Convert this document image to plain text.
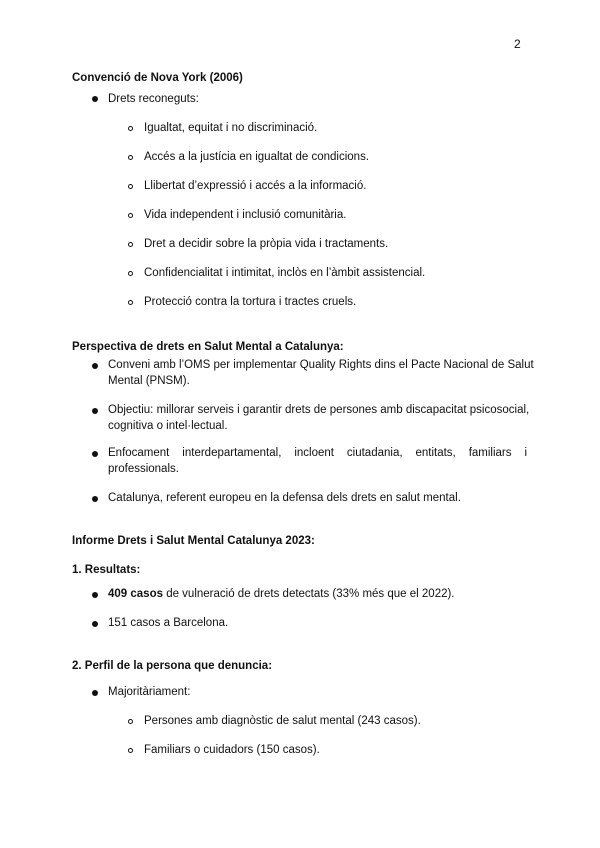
2
Convenció de Nova York (2006)
Drets reconeguts:
Igualtat, equitat i no discriminació.
Accés a la justícia en igualtat de condicions.
Llibertat d’expressió i accés a la informació.
Vida independent i inclusió comunitària.
Dret a decidir sobre la pròpia vida i tractaments.
Confidencialitat i intimitat, inclòs en l’àmbit assistencial.
Protecció contra la tortura i tractes cruels.
Perspectiva de drets en Salut Mental a Catalunya:
Conveni amb l’OMS per implementar Quality Rights dins el Pacte Nacional de Salut
Mental (PNSM).
Objectiu: millorar serveis i garantir drets de persones amb discapacitat psicosocial,
cognitiva o intel·lectual.
Enfocament interdepartamental, incloent ciutadania, entitats, familiars i
professionals.
Catalunya, referent europeu en la defensa dels drets en salut mental.
Informe Drets i Salut Mental Catalunya 2023:
1. Resultats:
409 casos de vulneració de drets detectats (33% més que el 2022).
151 casos a Barcelona.
2. Perfil de la persona que denuncia:
Majoritàriament:
Persones amb diagnòstic de salut mental (243 casos).
Familiars o cuidadors (150 casos).
